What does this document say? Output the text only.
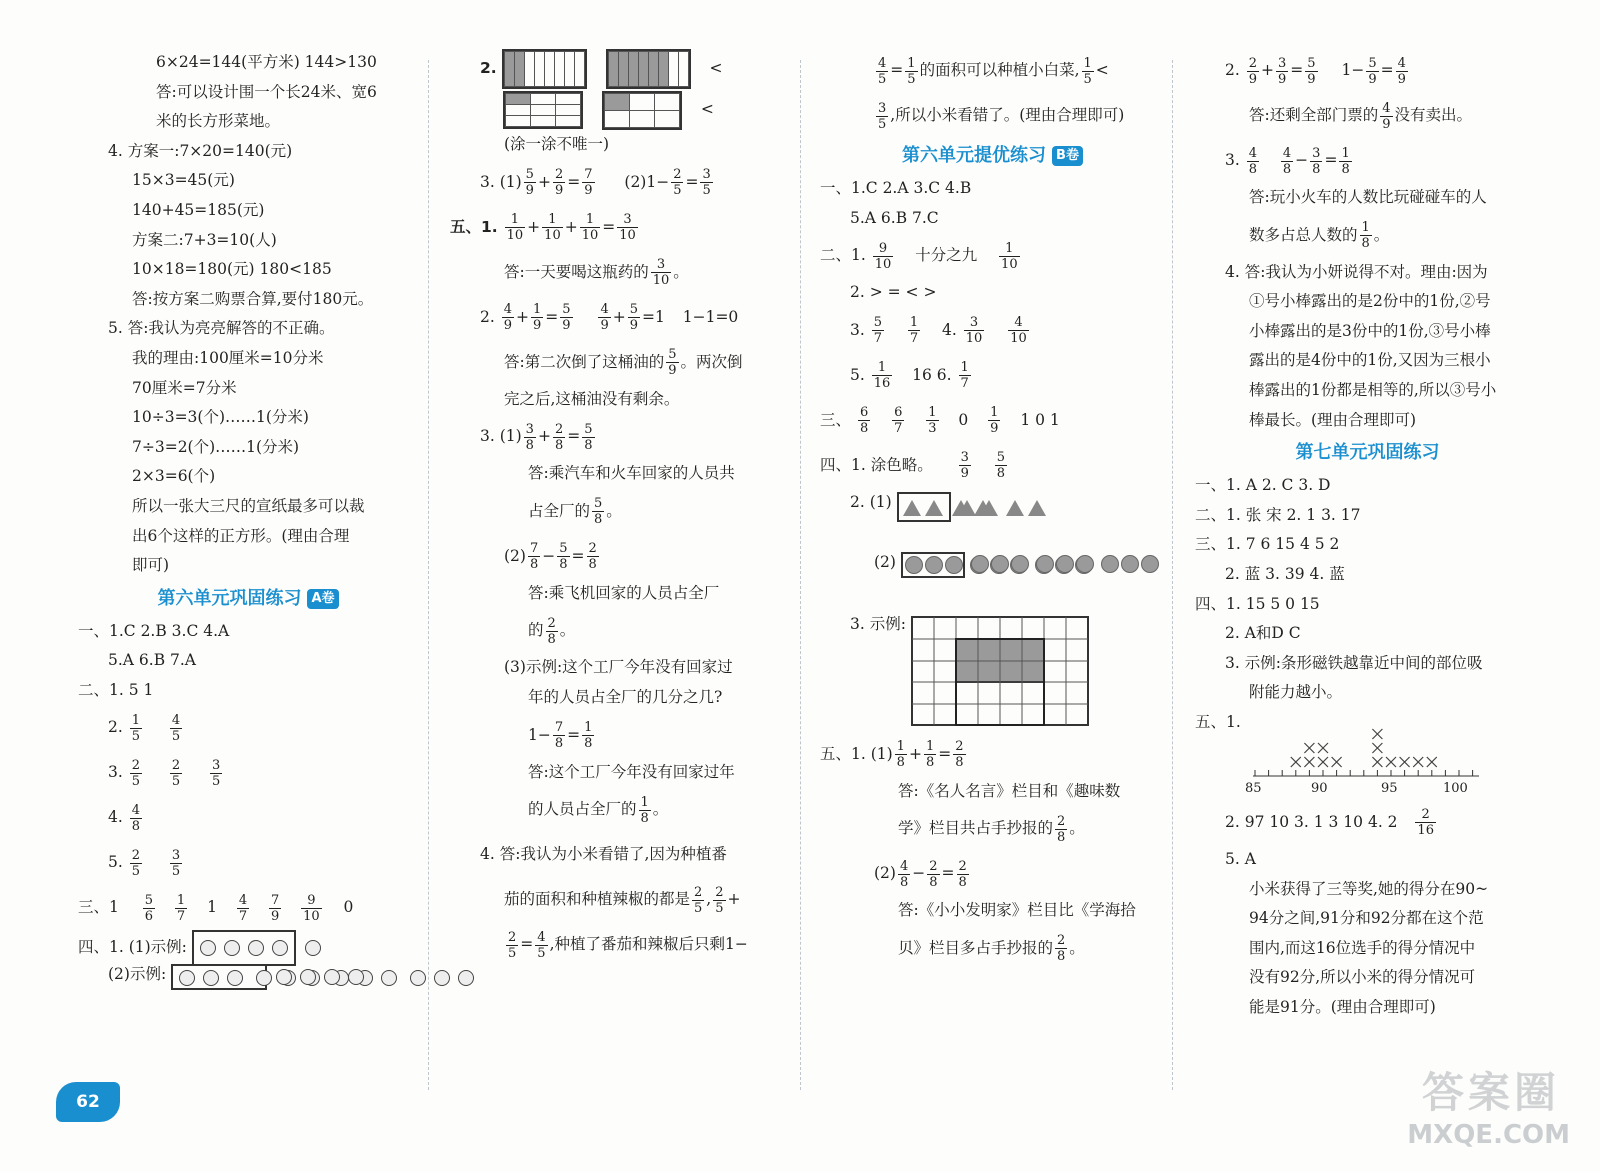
6×24=144(平方米) 144>130
答:可以设计围一个长24米、宽6
米的长方形菜地。
4. 方案一:7×20=140(元)
15×3=45(元)
140+45=185(元)
方案二:7+3=10(人)
10×18=180(元) 180<185
答:按方案二购票合算,要付180元。
5. 答:我认为亮亮解答的不正确。
我的理由:100厘米=10分米
70厘米=7分米
10÷3=3(个)……1(分米)
7÷3=2(个)……1(分米)
2×3=6(个)
所以一张大三尺的宣纸最多可以裁
出6个这样的正方形。(理由合理
即可)
第六单元巩固练习 A卷
一、1.C 2.B 3.C 4.A
5.A 6.B 7.A
二、1. 5 1
2. $\frac{1}{5}$
$\frac{4}{5}$
3. $\frac{2}{5}$
$\frac{2}{5}$
$\frac{3}{5}$
4. $\frac{4}{8}$
5. $\frac{2}{5}$
$\frac{3}{5}$
三、$1 \frac{5}{6}$
$\frac{1}{7} 1 \frac{4}{7}$
$\frac{7}{9}$
$\frac{9}{10} 0$
四、1. (1)示例:
(2)示例:
2.

								<

<
(涂一涂不唯一)
3. $(1) \frac{5}{9} + \frac{2}{9} = \frac{7}{9} (2)1- \frac{2}{5} = \frac{3}{5}$
五、1. $\frac{1}{10} + \frac{1}{10} + \frac{1}{10} = \frac{3}{10}$
答:一天要喝这瓶药的 $\frac{3}{10}$ 。
2. $\frac{4}{9} + \frac{1}{9} = \frac{5}{9}$
$\frac{4}{9} + \frac{5}{9} =1$  1−1=0
答:第二次倒了这桶油的 $\frac{5}{9}$ 。两次倒
完之后,这桶油没有剩余。
3. $(1) \frac{3}{8} + \frac{2}{8} = \frac{5}{8}$
答:乘汽车和火车回家的人员共
占全厂的 $\frac{5}{8}$ 。
$(2) \frac{7}{8} - \frac{5}{8} = \frac{2}{8}$
答:乘飞机回家的人员占全厂
的 $\frac{2}{8}$ 。
(3)示例:这个工厂今年没有回家过
年的人员占全厂的几分之几?
$1- \frac{7}{8} = \frac{1}{8}$
答:这个工厂今年没有回家过年
的人员占全厂的 $\frac{1}{8}$ 。
4. 答:我认为小米看错了,因为种植番
茄的面积和种植辣椒的都是 $\frac{2}{5}$ , $\frac{2}{5}$ +
$\frac{2}{5} = \frac{4}{5}$ ,种植了番茄和辣椒后只剩1−
$\frac{4}{5} = \frac{1}{5}$ 的面积可以种植小白菜, $\frac{1}{5}$ <
$\frac{3}{5}$ ,所以小米看错了。(理由合理即可)
第六单元提优练习 B卷
一、1.C 2.A 3.C 4.B
5.A 6.B 7.C
二、1. $\frac{9}{10}$ 十分之九 $\frac{1}{10}$
2. > = < >
3. $\frac{5}{7}$
$\frac{1}{7} 4$. $\frac{3}{10}$
$\frac{4}{10}$
5. $\frac{1}{16} 16$ 6. $\frac{1}{7}$
三、 $\frac{6}{8}$
$\frac{6}{7}$
$\frac{1}{3} 0 \frac{1}{9} 1$ 0 1
四、1. 涂色略。 $\frac{3}{9}$
$\frac{5}{8}$
2. (1)
(2)
3. 示例:
五、1. $(1) \frac{1}{8} + \frac{1}{8} = \frac{2}{8}$
答:《名人名言》栏目和《趣味数
学》栏目共占手抄报的 $\frac{2}{8}$ 。
$(2) \frac{4}{8} - \frac{2}{8} = \frac{2}{8}$
答:《小小发明家》栏目比《学海拾
贝》栏目多占手抄报的 $\frac{2}{8}$ 。
2. $\frac{2}{9} + \frac{3}{9} = \frac{5}{9} 1- \frac{5}{9} = \frac{4}{9}$
答:还剩全部门票的 $\frac{4}{9}$ 没有卖出。
3. $\frac{4}{8}$
$\frac{4}{8} - \frac{3}{8} = \frac{1}{8}$
答:玩小火车的人数比玩碰碰车的人
数多占总人数的 $\frac{1}{8}$ 。
4. 答:我认为小妍说得不对。理由:因为
①号小棒露出的是2份中的1份,②号
小棒露出的是3份中的1份,③号小棒
露出的是4份中的1份,又因为三根小
棒露出的1份都是相等的,所以③号小
棒最长。(理由合理即可)
第七单元巩固练习
一、1. A 2. C 3. D
二、1. 张 宋 2. 1 3. 17
三、1. 7 6 15 4 5 2
2. 蓝 3. 39 4. 蓝
四、1. 15 5 0 15
2. A和D C
3. 示例:条形磁铁越靠近中间的部位吸
附能力越小。
五、1.
85	90	95	100
2. 97 10 3. 1 3 10 4. $2 \frac{2}{16}$
5. A
小米获得了三等奖,她的得分在90~
94分之间,91分和92分都在这个范
围内,而这16位选手的得分情况中
没有92分,所以小米的得分情况可
能是91分。(理由合理即可)
62	答案圈
MXQE.COM
